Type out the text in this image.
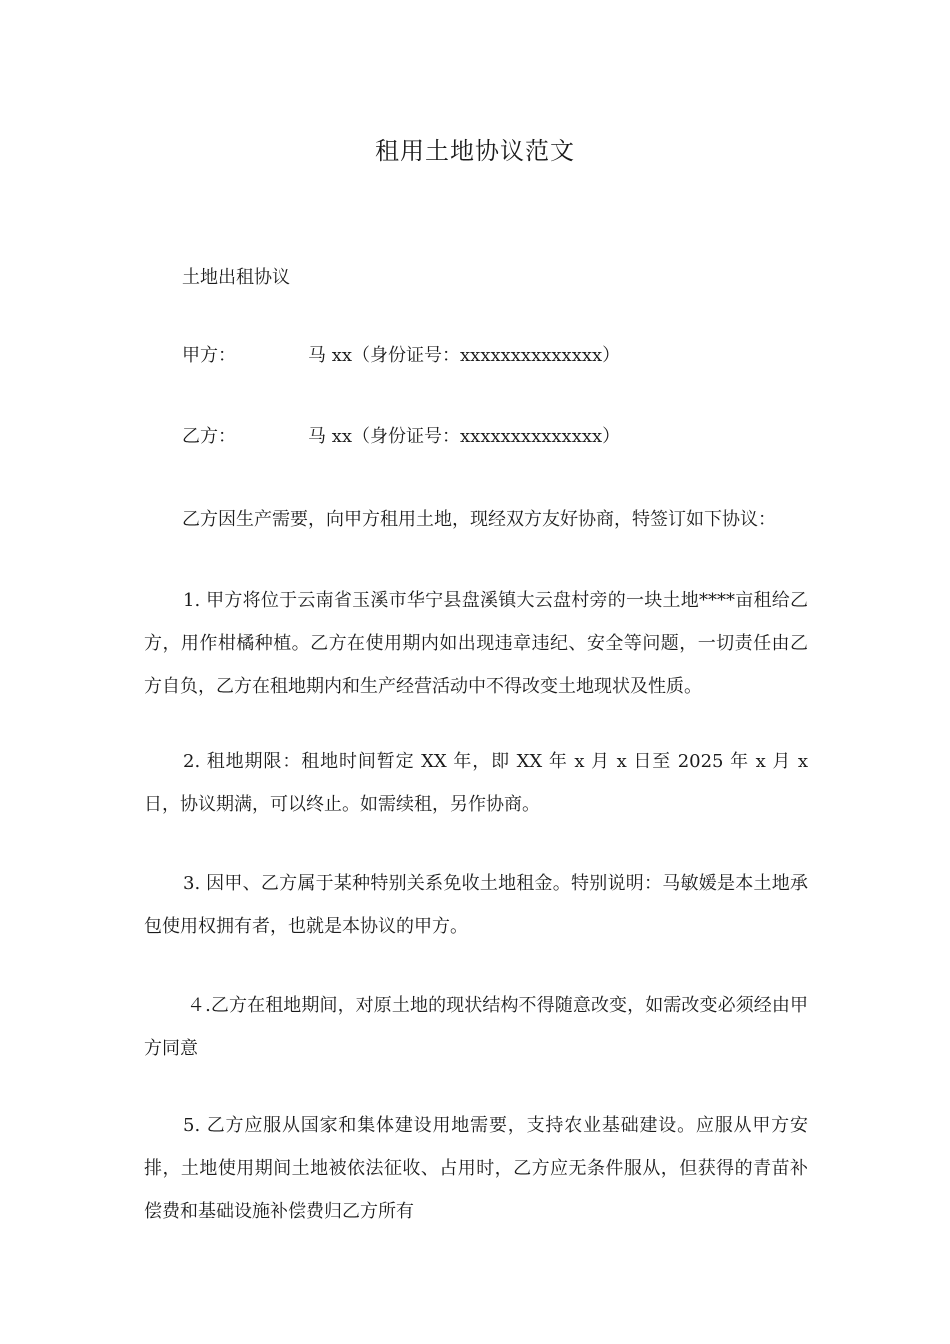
租用土地协议范文
土地出租协议
甲方：	马 xx（身份证号：xxxxxxxxxxxxxx）
乙方：	马 xx（身份证号：xxxxxxxxxxxxxx）
乙方因生产需要，向甲方租用土地，现经双方友好协商，特签订如下协议：
1. 甲方将位于云南省玉溪市华宁县盘溪镇大云盘村旁的一块土地****亩租给乙方，用作柑橘种植。乙方在使用期内如出现违章违纪、安全等问题，一切责任由乙方自负，乙方在租地期内和生产经营活动中不得改变土地现状及性质。
2. 租地期限：租地时间暂定 XX 年，即 XX 年 x 月 x 日至 2025 年 x 月 x 日，协议期满，可以终止。如需续租，另作协商。
3. 因甲、乙方属于某种特别关系免收土地租金。特别说明：马敏媛是本土地承包使用权拥有者，也就是本协议的甲方。
４.乙方在租地期间，对原土地的现状结构不得随意改变，如需改变必须经由甲方同意
5. 乙方应服从国家和集体建设用地需要，支持农业基础建设。应服从甲方安排，土地使用期间土地被依法征收、占用时，乙方应无条件服从，但获得的青苗补偿费和基础设施补偿费归乙方所有
